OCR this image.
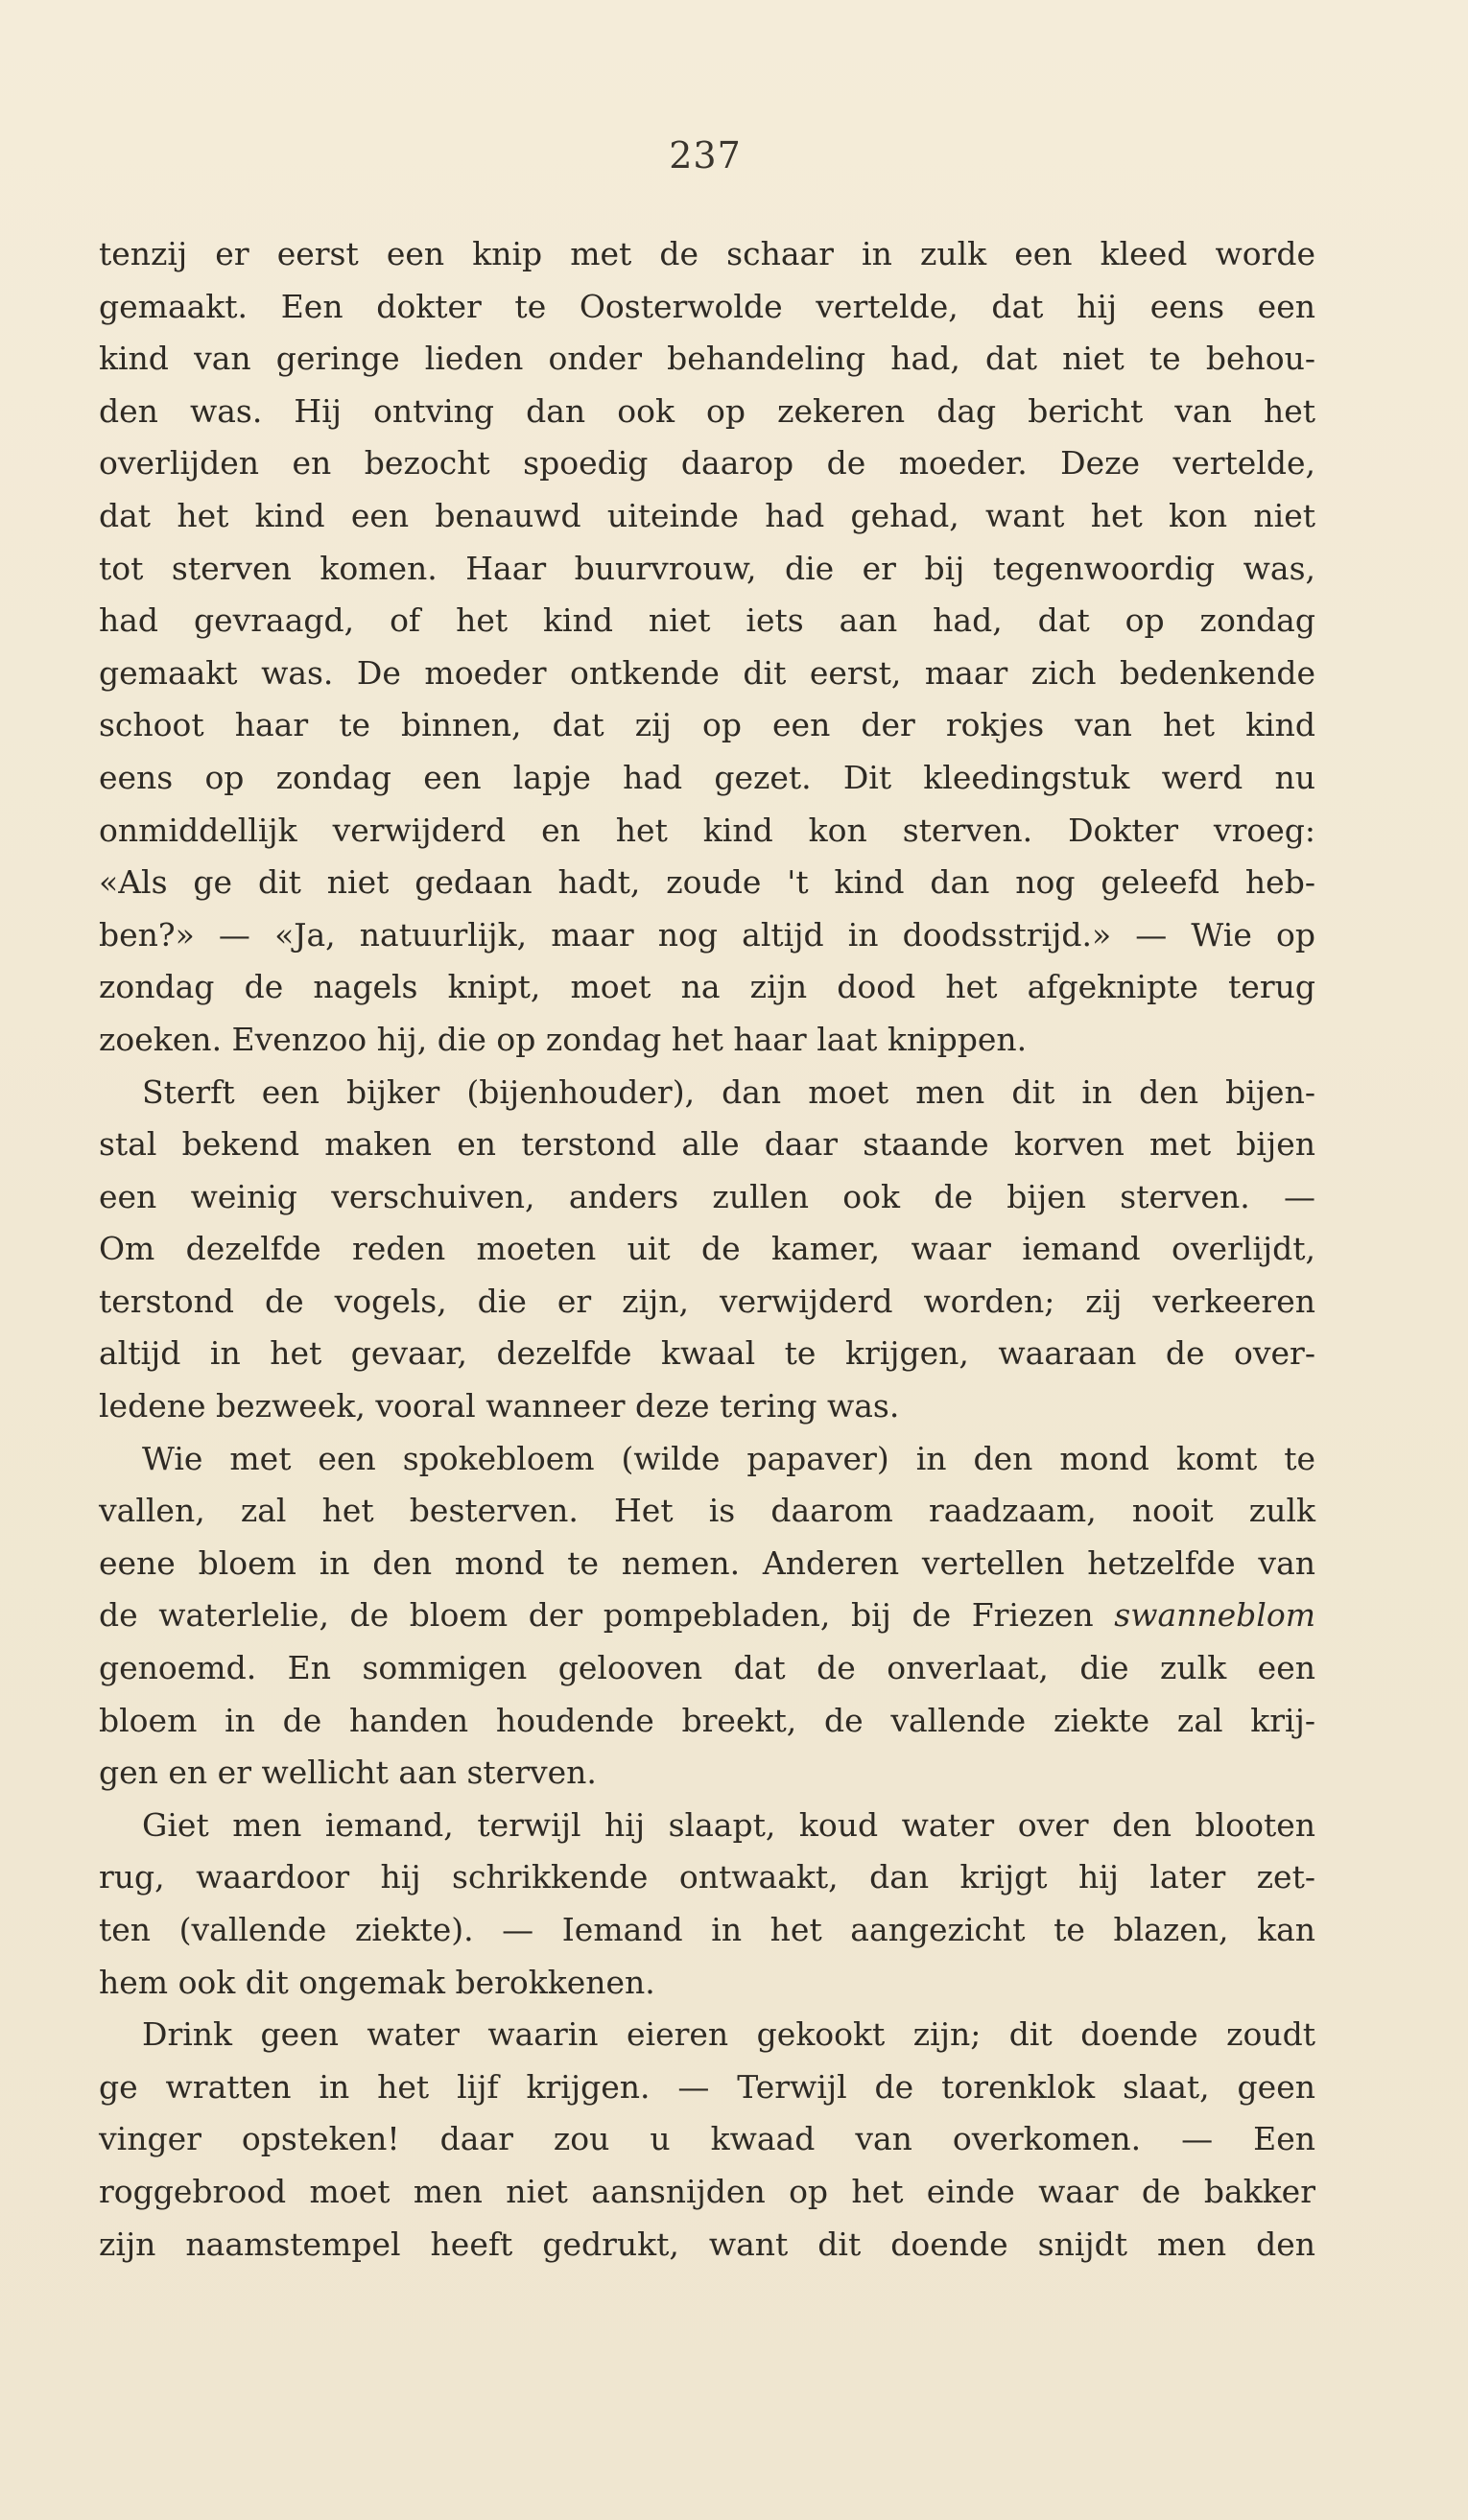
237
tenzij er eerst een knip met de schaar in zulk een kleed worde
gemaakt. Een dokter te Oosterwolde vertelde, dat hij eens een
kind van geringe lieden onder behandeling had, dat niet te behou-
den was. Hij ontving dan ook op zekeren dag bericht van het
overlijden en bezocht spoedig daarop de moeder. Deze vertelde,
dat het kind een benauwd uiteinde had gehad, want het kon niet
tot sterven komen. Haar buurvrouw, die er bij tegenwoordig was,
had gevraagd, of het kind niet iets aan had, dat op zondag
gemaakt was. De moeder ontkende dit eerst, maar zich bedenkende
schoot haar te binnen, dat zij op een der rokjes van het kind
eens op zondag een lapje had gezet. Dit kleedingstuk werd nu
onmiddellijk verwijderd en het kind kon sterven. Dokter vroeg:
«Als ge dit niet gedaan hadt, zoude 't kind dan nog geleefd heb-
ben?» — «Ja, natuurlijk, maar nog altijd in doodsstrijd.» — Wie op
zondag de nagels knipt, moet na zijn dood het afgeknipte terug
zoeken. Evenzoo hij, die op zondag het haar laat knippen.
Sterft een bijker (bijenhouder), dan moet men dit in den bijen-
stal bekend maken en terstond alle daar staande korven met bijen
een weinig verschuiven, anders zullen ook de bijen sterven. —
Om dezelfde reden moeten uit de kamer, waar iemand overlijdt,
terstond de vogels, die er zijn, verwijderd worden; zij verkeeren
altijd in het gevaar, dezelfde kwaal te krijgen, waaraan de over-
ledene bezweek, vooral wanneer deze tering was.
Wie met een spokebloem (wilde papaver) in den mond komt te
vallen, zal het besterven. Het is daarom raadzaam, nooit zulk
eene bloem in den mond te nemen. Anderen vertellen hetzelfde van
de waterlelie, de bloem der pompebladen, bij de Friezen swanneblom
genoemd. En sommigen gelooven dat de onverlaat, die zulk een
bloem in de handen houdende breekt, de vallende ziekte zal krij-
gen en er wellicht aan sterven.
Giet men iemand, terwijl hij slaapt, koud water over den blooten
rug, waardoor hij schrikkende ontwaakt, dan krijgt hij later zet-
ten (vallende ziekte). — Iemand in het aangezicht te blazen, kan
hem ook dit ongemak berokkenen.
Drink geen water waarin eieren gekookt zijn; dit doende zoudt
ge wratten in het lijf krijgen. — Terwijl de torenklok slaat, geen
vinger opsteken! daar zou u kwaad van overkomen. — Een
roggebrood moet men niet aansnijden op het einde waar de bakker
zijn naamstempel heeft gedrukt, want dit doende snijdt men den
